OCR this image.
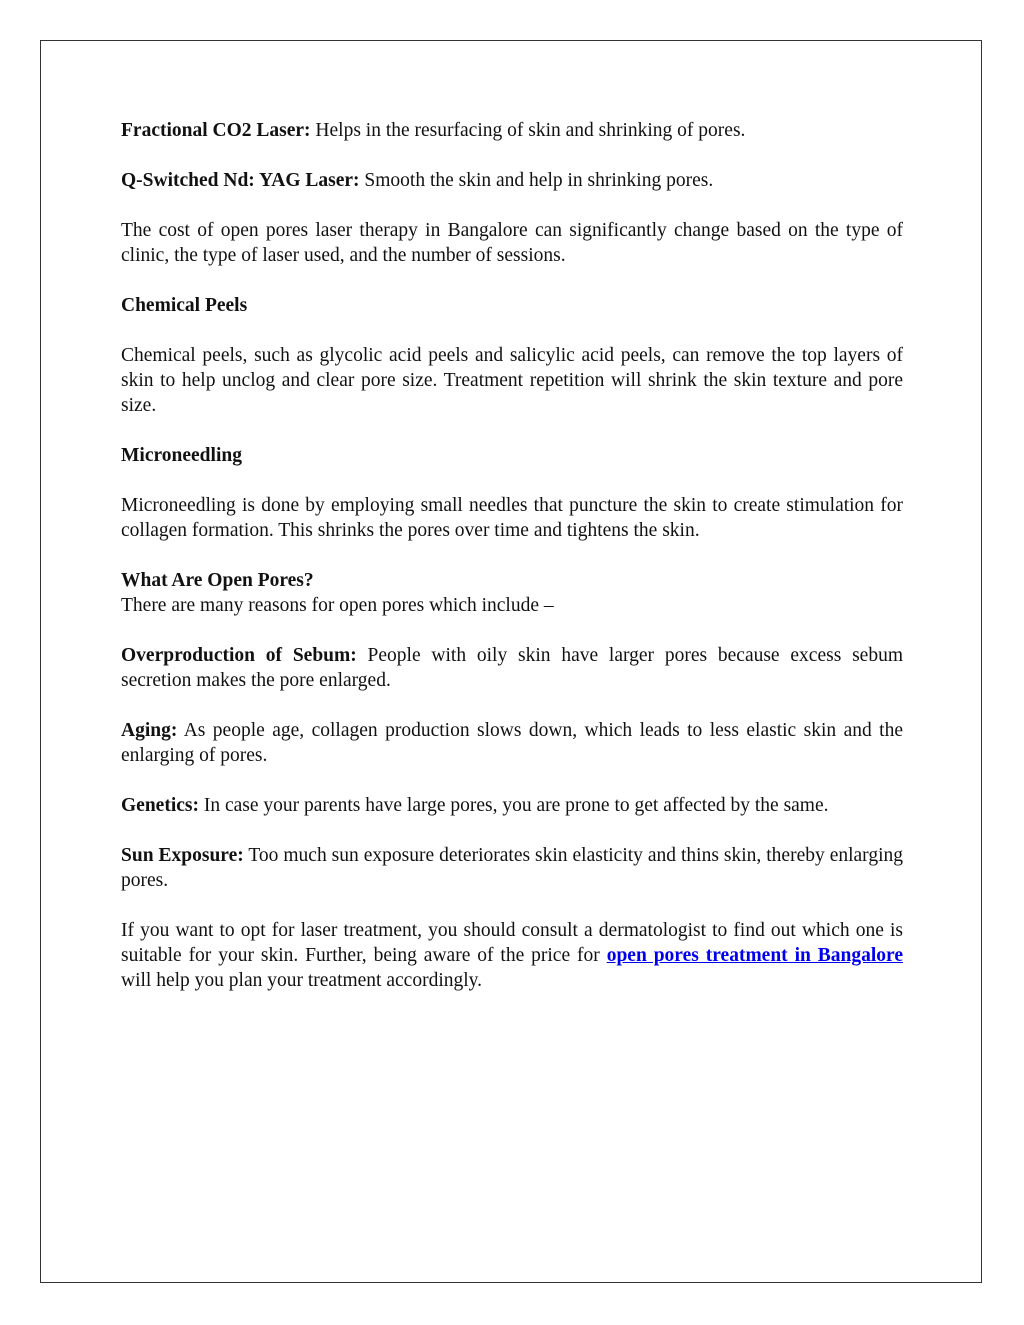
Fractional CO2 Laser: Helps in the resurfacing of skin and shrinking of pores.

Q-Switched Nd: YAG Laser: Smooth the skin and help in shrinking pores.

The cost of open pores laser therapy in Bangalore can significantly change based on the type of clinic, the type of laser used, and the number of sessions.

Chemical Peels

Chemical peels, such as glycolic acid peels and salicylic acid peels, can remove the top layers of skin to help unclog and clear pore size. Treatment repetition will shrink the skin texture and pore size.

Microneedling

Microneedling is done by employing small needles that puncture the skin to create stimulation for collagen formation. This shrinks the pores over time and tightens the skin.

What Are Open Pores?

There are many reasons for open pores which include –

Overproduction of Sebum: People with oily skin have larger pores because excess sebum secretion makes the pore enlarged.

Aging: As people age, collagen production slows down, which leads to less elastic skin and the enlarging of pores.

Genetics: In case your parents have large pores, you are prone to get affected by the same.

Sun Exposure: Too much sun exposure deteriorates skin elasticity and thins skin, thereby enlarging pores.

If you want to opt for laser treatment, you should consult a dermatologist to find out which one is suitable for your skin. Further, being aware of the price for open pores treatment in Bangalore will help you plan your treatment accordingly.
